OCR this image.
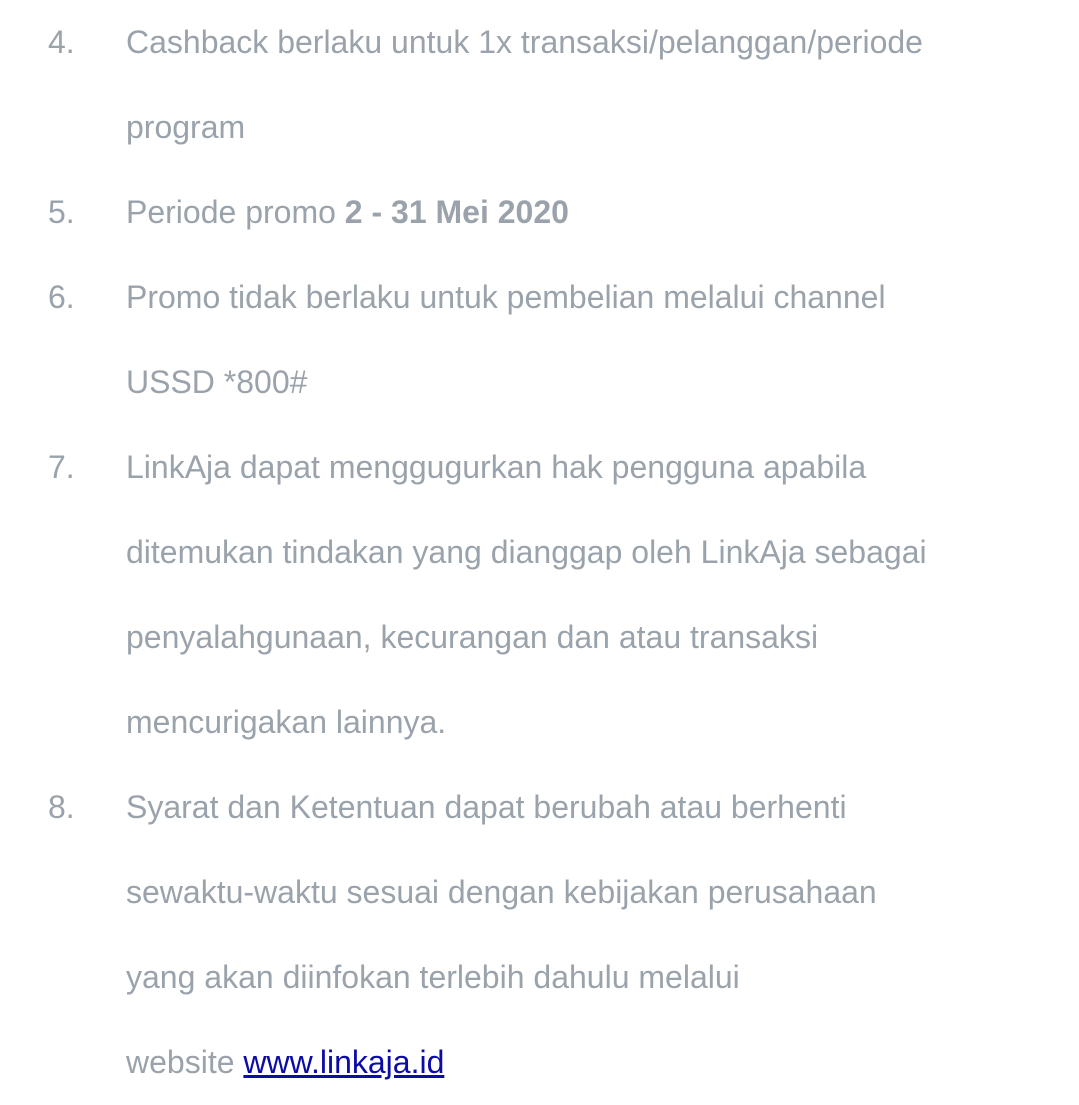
4. Cashback berlaku untuk 1x transaksi/pelanggan/periode
program
5. Periode promo 2 - 31 Mei 2020
6. Promo tidak berlaku untuk pembelian melalui channel
USSD *800#
7. LinkAja dapat menggugurkan hak pengguna apabila
ditemukan tindakan yang dianggap oleh LinkAja sebagai
penyalahgunaan, kecurangan dan atau transaksi
mencurigakan lainnya.
8. Syarat dan Ketentuan dapat berubah atau berhenti
sewaktu-waktu sesuai dengan kebijakan perusahaan
yang akan diinfokan terlebih dahulu melalui
website www.linkaja.id
